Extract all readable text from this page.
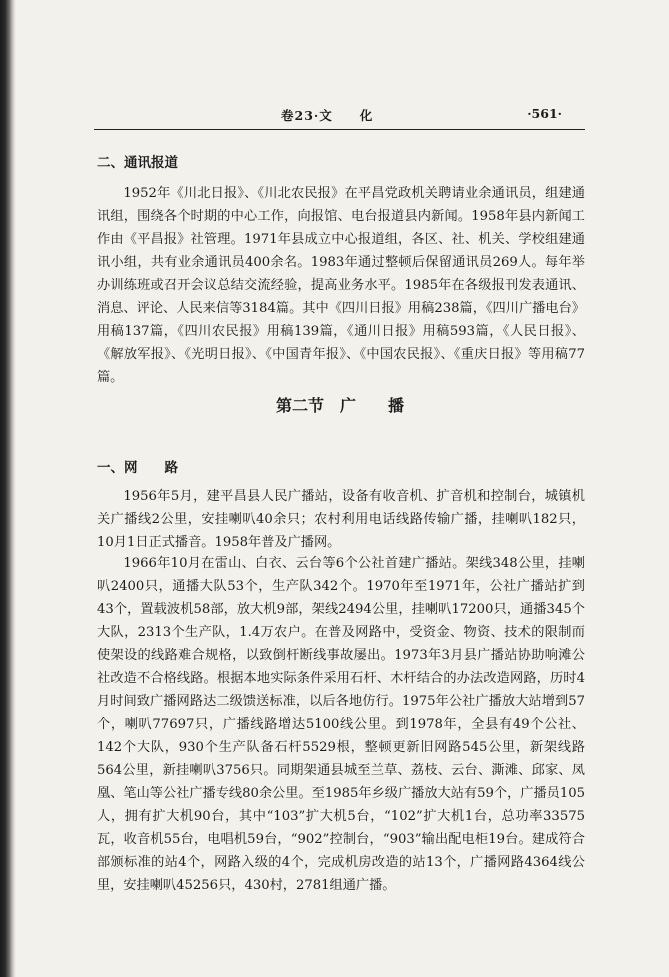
卷23·文　　化	·561·
二、通讯报道

1952年《川北日报》、《川北农民报》在平昌党政机关聘请业余通讯员，组建通讯组，围绕各个时期的中心工作，向报馆、电台报道县内新闻。1958年县内新闻工作由《平昌报》社管理。1971年县成立中心报道组，各区、社、机关、学校组建通讯小组，共有业余通讯员400余名。1983年通过整顿后保留通讯员269人。每年举办训练班或召开会议总结交流经验，提高业务水平。1985年在各级报刊发表通讯、消息、评论、人民来信等3184篇。其中《四川日报》用稿238篇，《四川广播电台》用稿137篇，《四川农民报》用稿139篇，《通川日报》用稿593篇，《人民日报》、《解放军报》、《光明日报》、《中国青年报》、《中国农民报》、《重庆日报》等用稿77篇。

第二节　广　　播
一、网　　路

1956年5月，建平昌县人民广播站，设备有收音机、扩音机和控制台，城镇机关广播线2公里，安挂喇叭40余只；农村利用电话线路传输广播，挂喇叭182只，10月1日正式播音。1958年普及广播网。

1966年10月在雷山、白衣、云台等6个公社首建广播站。架线348公里，挂喇叭2400只，通播大队53个，生产队342个。1970年至1971年，公社广播站扩到43个，置载波机58部，放大机9部，架线2494公里，挂喇叭17200只，通播345个大队，2313个生产队，1.4万农户。在普及网路中，受资金、物资、技术的限制而使架设的线路难合规格，以致倒杆断线事故屡出。1973年3月县广播站协助响滩公社改造不合格线路。根据本地实际条件采用石杆、木杆结合的办法改造网路，历时4月时间致广播网路达二级馈送标准，以后各地仿行。1975年公社广播放大站增到57个，喇叭77697只，广播线路增达5100线公里。到1978年，全县有49个公社、142个大队，930个生产队备石杆5529根，整顿更新旧网路545公里，新架线路564公里，新挂喇叭3756只。同期架通县城至兰草、荔枝、云台、澌滩、邱家、凤凰、笔山等公社广播专线80余公里。至1985年乡级广播放大站有59个，广播员105人，拥有扩大机90台，其中“103”扩大机5台，“102”扩大机1台，总功率33575瓦，收音机55台，电唱机59台，“902”控制台，“903”输出配电柜19台。建成符合部颁标准的站4个，网路入级的4个，完成机房改造的站13个，广播网路4364线公里，安挂喇叭45256只，430村，2781组通广播。
